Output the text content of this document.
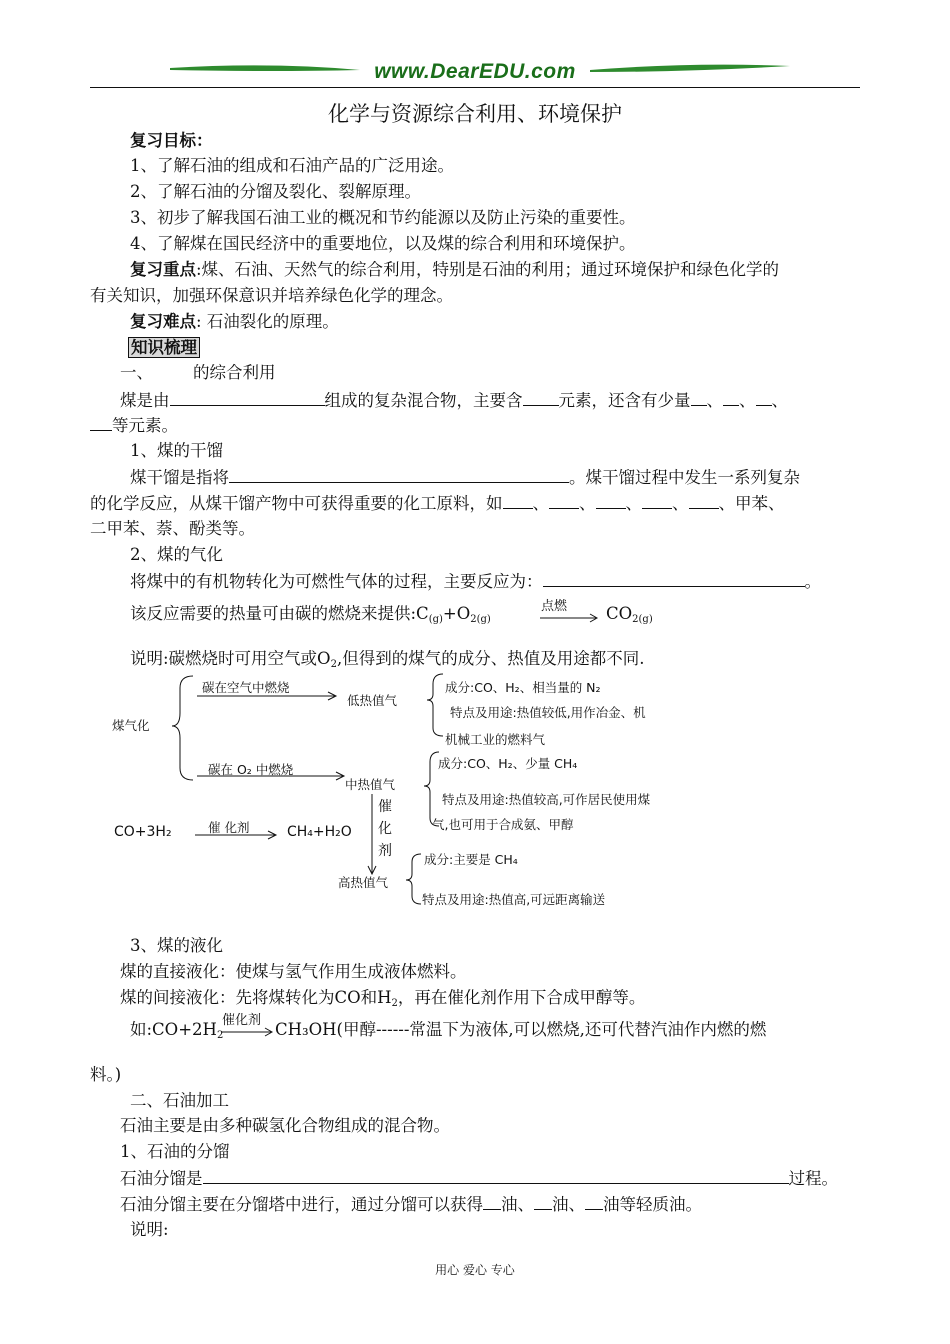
www.DearEDU.com
化学与资源综合利用、环境保护
复习目标：
1、了解石油的组成和石油产品的广泛用途。
2、了解石油的分馏及裂化、裂解原理。
3、初步了解我国石油工业的概况和节约能源以及防止污染的重要性。
4、了解煤在国民经济中的重要地位，以及煤的综合利用和环境保护。
复习重点:煤、石油、天然气的综合利用，特别是石油的利用；通过环境保护和绿色化学的
有关知识，加强环保意识并培养绿色化学的理念。
复习难点: 石油裂化的原理。
知识梳理
一、 的综合利用
煤是由	组成的复杂混合物，主要含 元素，还含有少量 、 、 、
等元素。
1、煤的干馏
煤干馏是指将	。煤干馏过程中发生一系列复杂
的化学反应，从煤干馏产物中可获得重要的化工原料，如 、 、 、 、 、甲苯、
二甲苯、萘、酚类等。
2、煤的气化
将煤中的有机物转化为可燃性气体的过程，主要反应为：	。
该反应需要的热量可由碳的燃烧来提供$:C_{(g)}+O_{2(g)}$
点燃 → $CO_{2(g)}$
说明:碳燃烧时可用空气或$O_2$,但得到的煤气的成分、热值及用途都不同.
煤气化
碳在空气中燃烧
低热值气
成分:CO、H₂、相当量的 N₂
特点及用途:热值较低,用作冶金、机
机械工业的燃料气
碳在 O₂ 中燃烧
中热值气
成分:CO、H₂、少量 CH₄
特点及用途:热值较高,可作居民使用煤
气,也可用于合成氨、甲醇
CO+3H₂	催 化剂	CH₄+H₂O
催化剂
高热值气
成分:主要是 CH₄
特点及用途:热值高,可远距离输送
3、煤的液化
煤的直接液化：使煤与氢气作用生成液体燃料。
煤的间接液化：先将煤转化为CO和$H_2$，再在催化剂作用下合成甲醇等。
如$:CO+2H_2$
催化剂 CH₃OH(甲醇------常温下为液体,可以燃烧,还可代替汽油作内燃的燃
料。)
二、石油加工
石油主要是由多种碳氢化合物组成的混合物。
1、石油的分馏
石油分馏是	过程。
石油分馏主要在分馏塔中进行，通过分馏可以获得 油、 油、 油等轻质油。
说明:
用心 爱心 专心
